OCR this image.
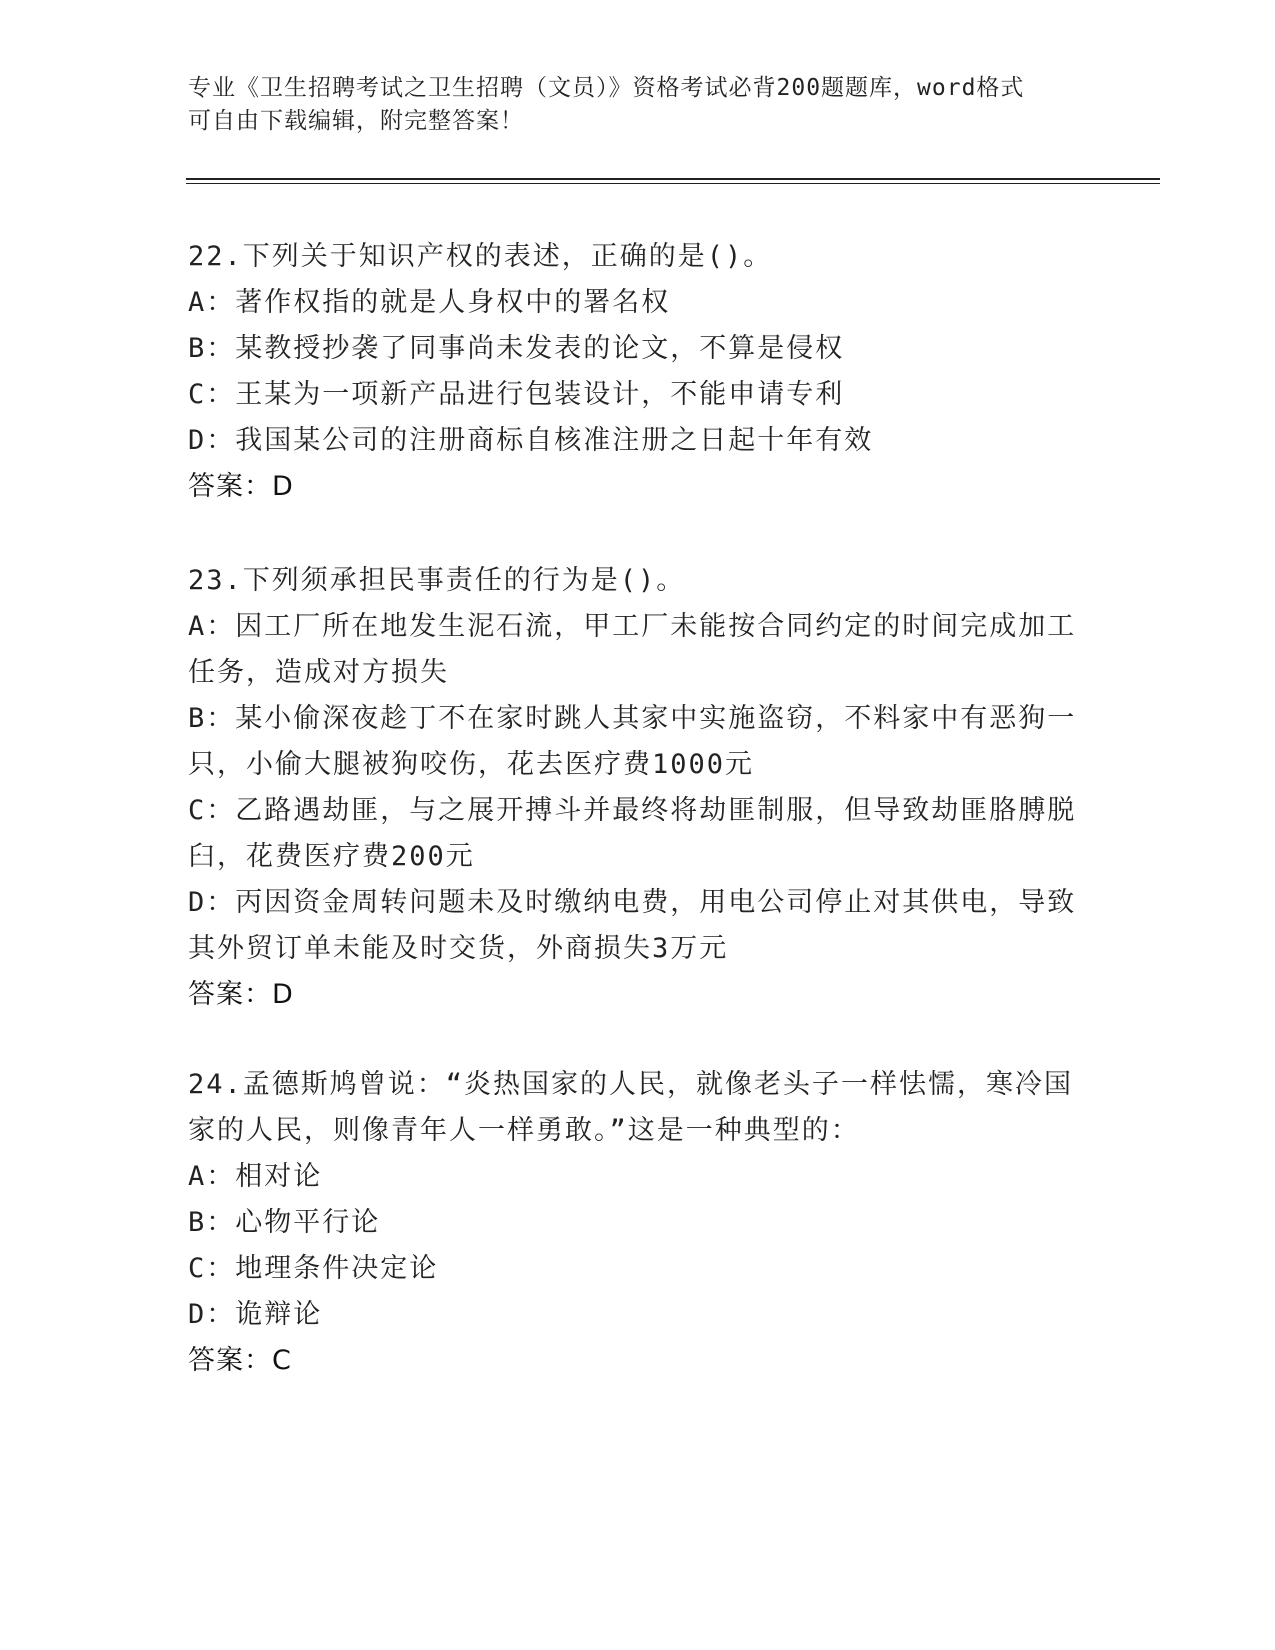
专业《卫生招聘考试之卫生招聘（文员）》资格考试必背200题题库，word格式

可自由下载编辑，附完整答案！

22.下列关于知识产权的表述，正确的是()。

A：著作权指的就是人身权中的署名权

B：某教授抄袭了同事尚未发表的论文，不算是侵权

C：王某为一项新产品进行包装设计，不能申请专利

D：我国某公司的注册商标自核准注册之日起十年有效

答案：D

23.下列须承担民事责任的行为是()。

A：因工厂所在地发生泥石流，甲工厂未能按合同约定的时间完成加工任务，造成对方损失

B：某小偷深夜趁丁不在家时跳人其家中实施盗窃，不料家中有恶狗一只，小偷大腿被狗咬伤，花去医疗费1000元

C：乙路遇劫匪，与之展开搏斗并最终将劫匪制服，但导致劫匪胳膊脱臼，花费医疗费200元

D：丙因资金周转问题未及时缴纳电费，用电公司停止对其供电，导致其外贸订单未能及时交货，外商损失3万元

答案：D

24.孟德斯鸠曾说：“炎热国家的人民，就像老头子一样怯懦，寒冷国家的人民，则像青年人一样勇敢。”这是一种典型的：

A：相对论

B：心物平行论

C：地理条件决定论

D：诡辩论

答案：C
